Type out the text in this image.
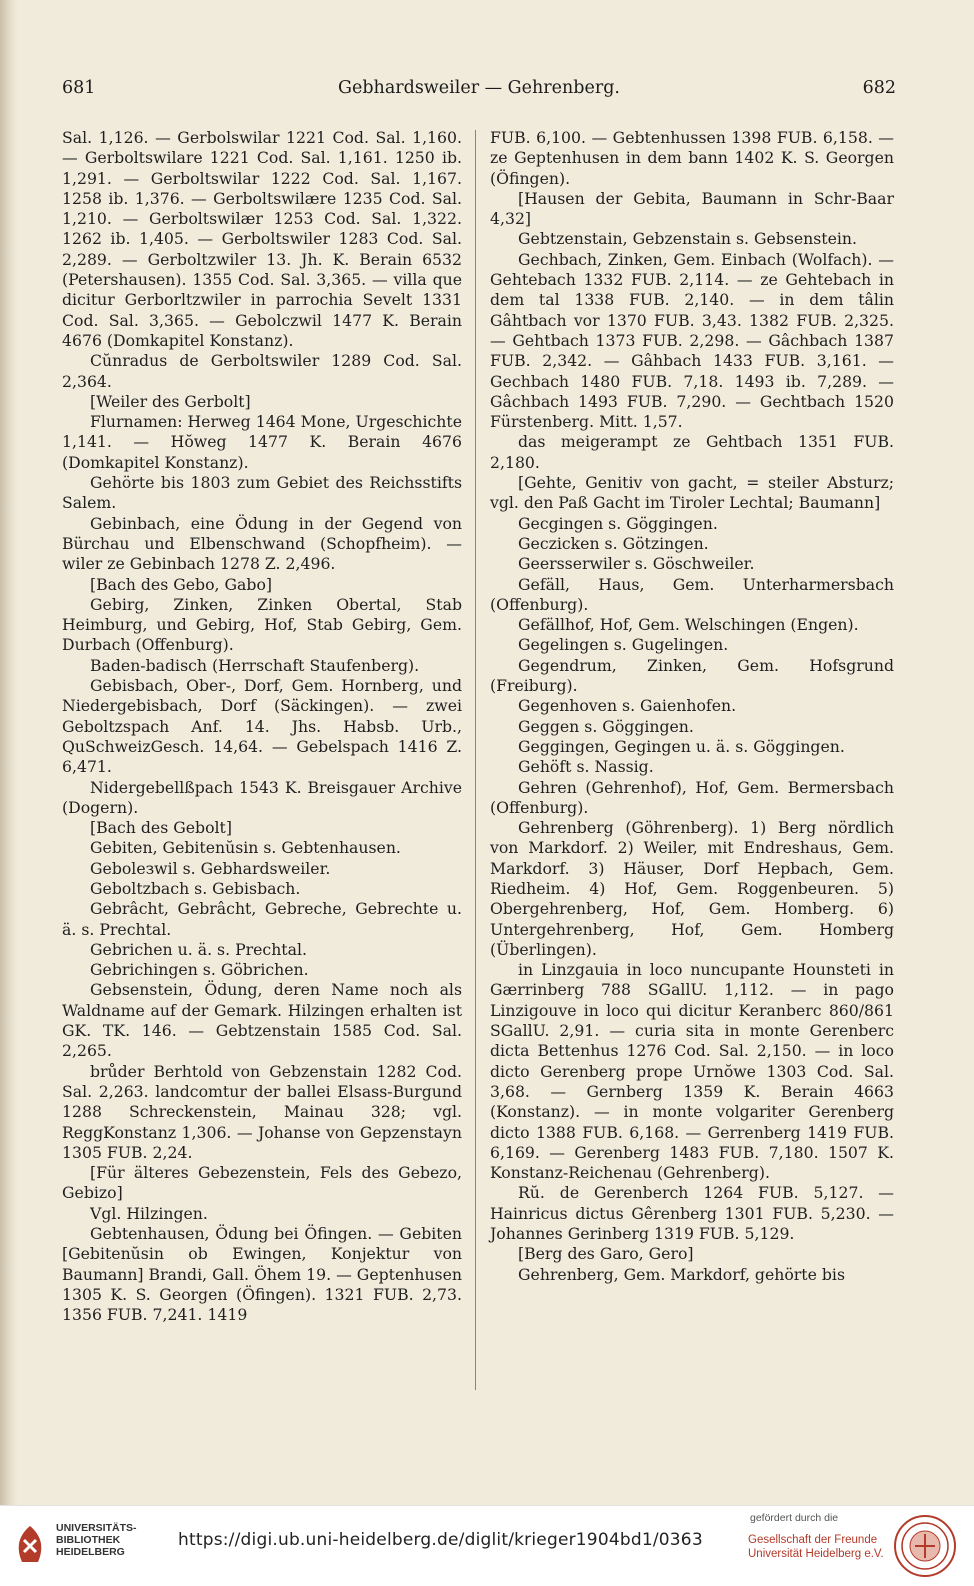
681	Gebhardsweiler — Gehrenberg.	682

Sal. 1,126. — Gerbolswilar 1221 Cod. Sal. 1,160. — Gerboltswilare 1221 Cod. Sal. 1,161. 1250 ib. 1,291. — Gerboltswilar 1222 Cod. Sal. 1,167. 1258 ib. 1,376. — Gerboltswilære 1235 Cod. Sal. 1,210. — Gerboltswilær 1253 Cod. Sal. 1,322. 1262 ib. 1,405. — Gerboltswiler 1283 Cod. Sal. 2,289. — Gerboltzwiler 13. Jh. K. Berain 6532 (Petershausen). 1355 Cod. Sal. 3,365. — villa que dicitur Gerborltzwiler in parrochia Sevelt 1331 Cod. Sal. 3,365. — Gebolczwil 1477 K. Berain 4676 (Domkapitel Konstanz).

Cŭnradus de Gerboltswiler 1289 Cod. Sal. 2,364.

[Weiler des Gerbolt]

Flurnamen: Herweg 1464 Mone, Urgeschichte 1,141. — Hŏweg 1477 K. Berain 4676 (Domkapitel Konstanz).

Gehörte bis 1803 zum Gebiet des Reichsstifts Salem.

Gebinbach, eine Ödung in der Gegend von Bürchau und Elbenschwand (Schopfheim). — wiler ze Gebinbach 1278 Z. 2,496.

[Bach des Gebo, Gabo]

Gebirg, Zinken, Zinken Obertal, Stab Heimburg, und Gebirg, Hof, Stab Gebirg, Gem. Durbach (Offenburg).

Baden-badisch (Herrschaft Staufenberg).

Gebisbach, Ober-, Dorf, Gem. Hornberg, und Niedergebisbach, Dorf (Säckingen). — zwei Geboltzspach Anf. 14. Jhs. Habsb. Urb., QuSchweizGesch. 14,64. — Gebelspach 1416 Z. 6,471.

Nidergebellßpach 1543 K. Breisgauer Archive (Dogern).

[Bach des Gebolt]

Gebiten, Gebitenŭsin s. Gebtenhausen.

Geboleзwil s. Gebhardsweiler.

Geboltzbach s. Gebisbach.

Gebrâcht, Gebrâcht, Gebreche, Gebrechte u. ä. s. Prechtal.

Gebrichen u. ä. s. Prechtal.

Gebrichingen s. Göbrichen.

Gebsenstein, Ödung, deren Name noch als Waldname auf der Gemark. Hilzingen erhalten ist GK. TK. 146. — Gebtzenstain 1585 Cod. Sal. 2,265.

brůder Berhtold von Gebzenstain 1282 Cod. Sal. 2,263. landcomtur der ballei Elsass-Burgund 1288 Schreckenstein, Mainau 328; vgl. ReggKonstanz 1,306. — Johanse von Gepzenstayn 1305 FUB. 2,24.

[Für älteres Gebezenstein, Fels des Gebezo, Gebizo]

Vgl. Hilzingen.

Gebtenhausen, Ödung bei Öfingen. — Gebiten [Gebitenŭsin ob Ewingen, Konjektur von Baumann] Brandi, Gall. Öhem 19. — Geptenhusen 1305 K. S. Georgen (Öfingen). 1321 FUB. 2,73. 1356 FUB. 7,241. 1419

FUB. 6,100. — Gebtenhussen 1398 FUB. 6,158. — ze Geptenhusen in dem bann 1402 K. S. Georgen (Öfingen).

[Hausen der Gebita, Baumann in Schr-Baar 4,32]

Gebtzenstain, Gebzenstain s. Gebsenstein.

Gechbach, Zinken, Gem. Einbach (Wolfach). — Gehtebach 1332 FUB. 2,114. — ze Gehtebach in dem tal 1338 FUB. 2,140. — in dem tâlin Gâhtbach vor 1370 FUB. 3,43. 1382 FUB. 2,325. — Gehtbach 1373 FUB. 2,298. — Gâchbach 1387 FUB. 2,342. — Gâhbach 1433 FUB. 3,161. — Gechbach 1480 FUB. 7,18. 1493 ib. 7,289. — Gâchbach 1493 FUB. 7,290. — Gechtbach 1520 Fürstenberg. Mitt. 1,57.

das meigerampt ze Gehtbach 1351 FUB. 2,180.

[Gehte, Genitiv von gacht, = steiler Absturz; vgl. den Paß Gacht im Tiroler Lechtal; Baumann]

Gecgingen s. Göggingen.

Geczicken s. Götzingen.

Geersserwiler s. Göschweiler.

Gefäll, Haus, Gem. Unterharmersbach (Offenburg).

Gefällhof, Hof, Gem. Welschingen (Engen).

Gegelingen s. Gugelingen.

Gegendrum, Zinken, Gem. Hofsgrund (Freiburg).

Gegenhoven s. Gaienhofen.

Geggen s. Göggingen.

Geggingen, Gegingen u. ä. s. Göggingen.

Gehöft s. Nassig.

Gehren (Gehrenhof), Hof, Gem. Bermersbach (Offenburg).

Gehrenberg (Göhrenberg). 1) Berg nördlich von Markdorf. 2) Weiler, mit Endreshaus, Gem. Markdorf. 3) Häuser, Dorf Hepbach, Gem. Riedheim. 4) Hof, Gem. Roggenbeuren. 5) Obergehrenberg, Hof, Gem. Homberg. 6) Untergehrenberg, Hof, Gem. Homberg (Überlingen).

in Linzgauia in loco nuncupante Hounsteti in Gærrinberg 788 SGallU. 1,112. — in pago Linzigouve in loco qui dicitur Keranberc 860/861 SGallU. 2,91. — curia sita in monte Gerenberc dicta Bettenhus 1276 Cod. Sal. 2,150. — in loco dicto Gerenberg prope Urnŏwe 1303 Cod. Sal. 3,68. — Gernberg 1359 K. Berain 4663 (Konstanz). — in monte volgariter Gerenberg dicto 1388 FUB. 6,168. — Gerrenberg 1419 FUB. 6,169. — Gerenberg 1483 FUB. 7,180. 1507 K. Konstanz-Reichenau (Gehrenberg).

Rŭ. de Gerenberch 1264 FUB. 5,127. — Hainricus dictus Gêrenberg 1301 FUB. 5,230. — Johannes Gerinberg 1319 FUB. 5,129.

[Berg des Garo, Gero]

Gehrenberg, Gem. Markdorf, gehörte bis

UNIVERSITÄTS-
BIBLIOTHEK
HEIDELBERG
https://digi.ub.uni-heidelberg.de/diglit/krieger1904bd1/0363
gefördert durch die
Gesellschaft der Freunde
Universität Heidelberg e.V.
